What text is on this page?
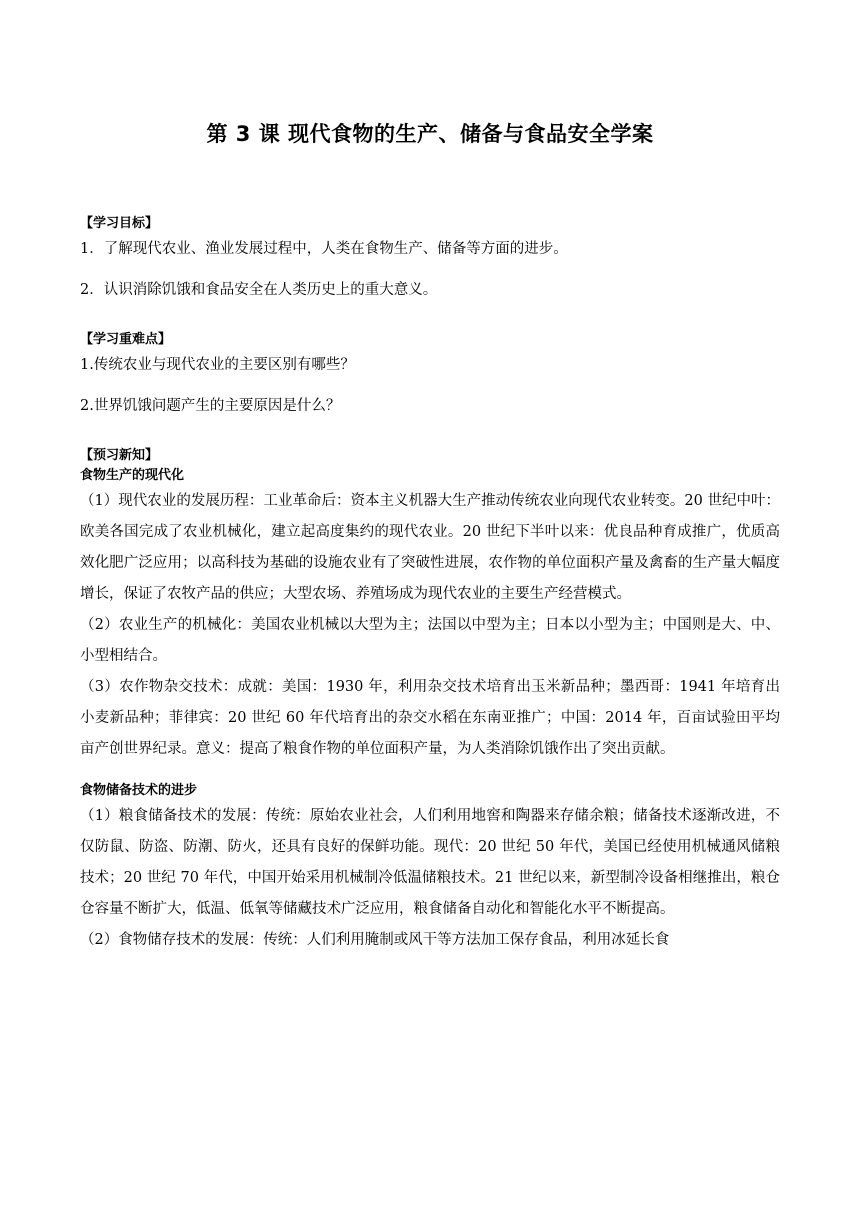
第 3 课 现代食物的生产、储备与食品安全学案
【学习目标】
1．了解现代农业、渔业发展过程中，人类在食物生产、储备等方面的进步。
2．认识消除饥饿和食品安全在人类历史上的重大意义。
【学习重难点】
1.传统农业与现代农业的主要区别有哪些？
2.世界饥饿问题产生的主要原因是什么？
【预习新知】
食物生产的现代化
（1）现代农业的发展历程：工业革命后：资本主义机器大生产推动传统农业向现代农业转变。20 世纪中叶：欧美各国完成了农业机械化，建立起高度集约的现代农业。20 世纪下半叶以来：优良品种育成推广，优质高效化肥广泛应用；以高科技为基础的设施农业有了突破性进展，农作物的单位面积产量及禽畜的生产量大幅度增长，保证了农牧产品的供应；大型农场、养殖场成为现代农业的主要生产经营模式。
（2）农业生产的机械化：美国农业机械以大型为主；法国以中型为主；日本以小型为主；中国则是大、中、小型相结合。
（3）农作物杂交技术：成就：美国：1930 年，利用杂交技术培育出玉米新品种；墨西哥：1941 年培育出小麦新品种；菲律宾：20 世纪 60 年代培育出的杂交水稻在东南亚推广；中国：2014 年，百亩试验田平均亩产创世界纪录。意义：提高了粮食作物的单位面积产量，为人类消除饥饿作出了突出贡献。
食物储备技术的进步
（1）粮食储备技术的发展：传统：原始农业社会，人们利用地窖和陶器来存储余粮；储备技术逐渐改进，不仅防鼠、防盗、防潮、防火，还具有良好的保鲜功能。现代：20 世纪 50 年代，美国已经使用机械通风储粮技术；20 世纪 70 年代，中国开始采用机械制冷低温储粮技术。21 世纪以来，新型制冷设备相继推出，粮仓仓容量不断扩大，低温、低氧等储藏技术广泛应用，粮食储备自动化和智能化水平不断提高。
（2）食物储存技术的发展：传统：人们利用腌制或风干等方法加工保存食品，利用冰延长食
